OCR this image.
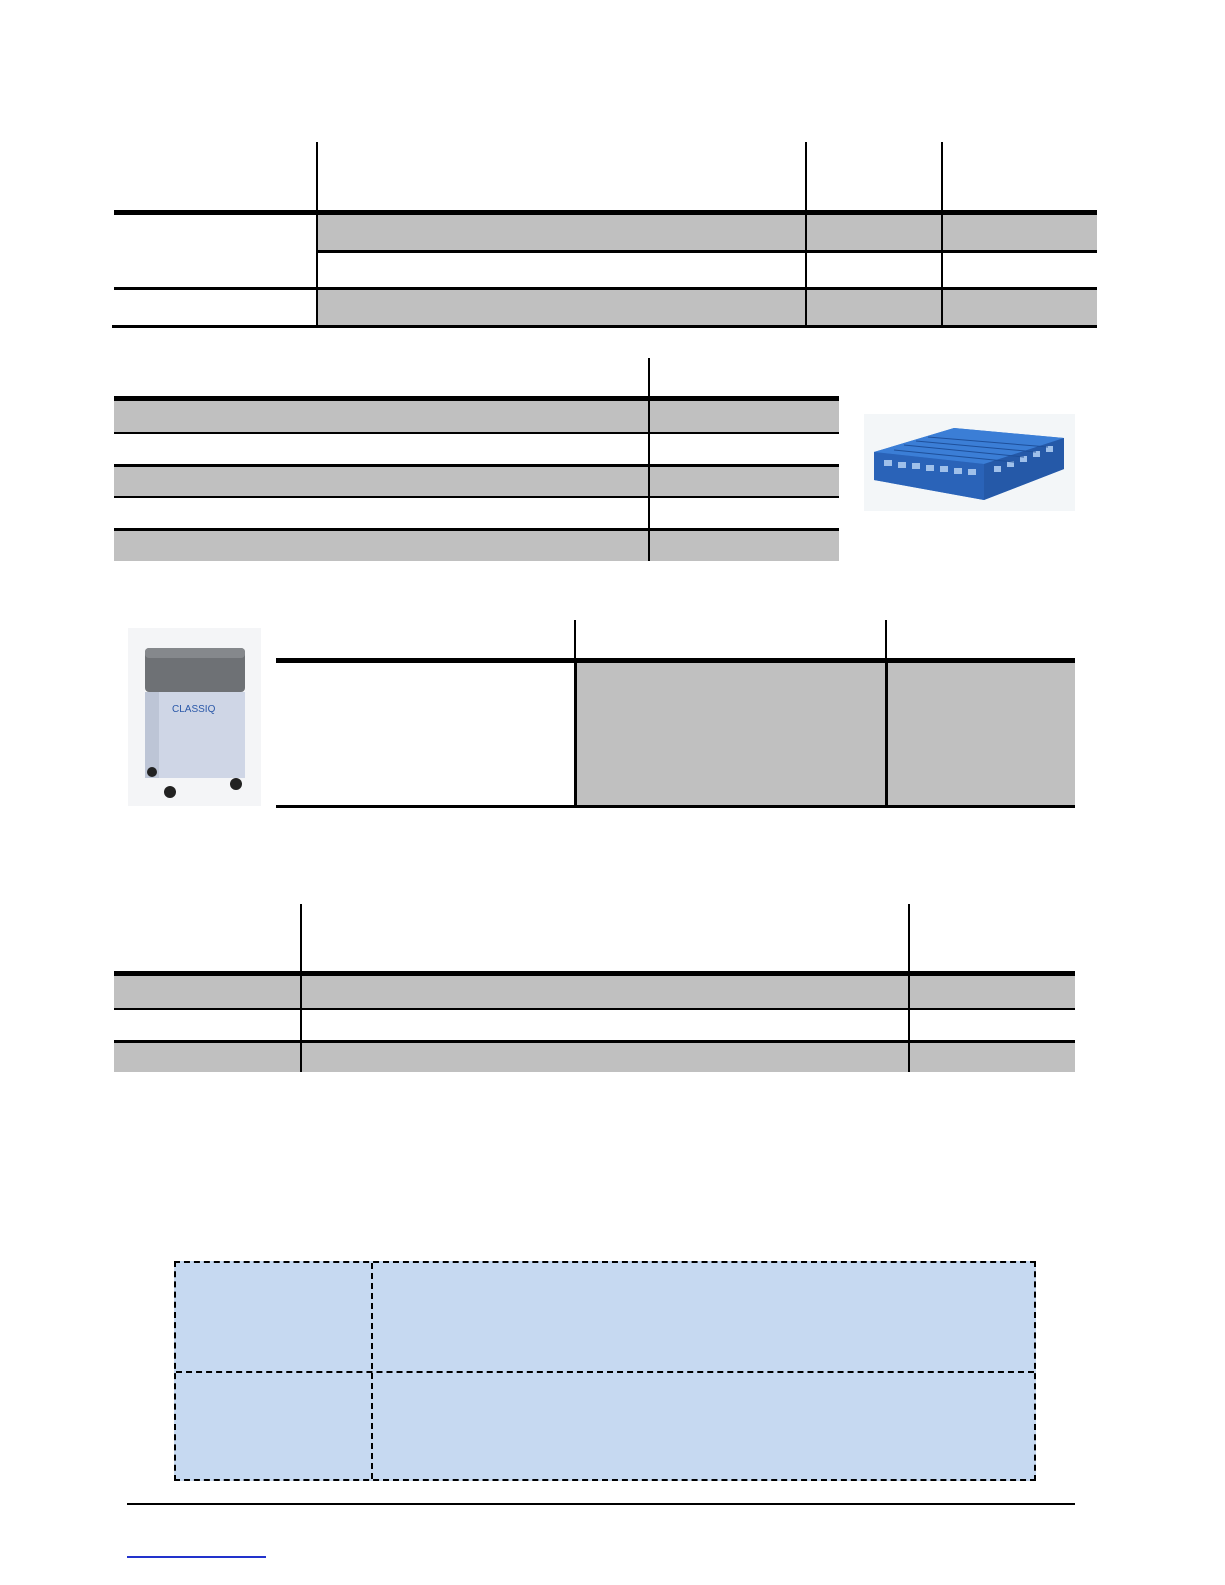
CLASSIQ
